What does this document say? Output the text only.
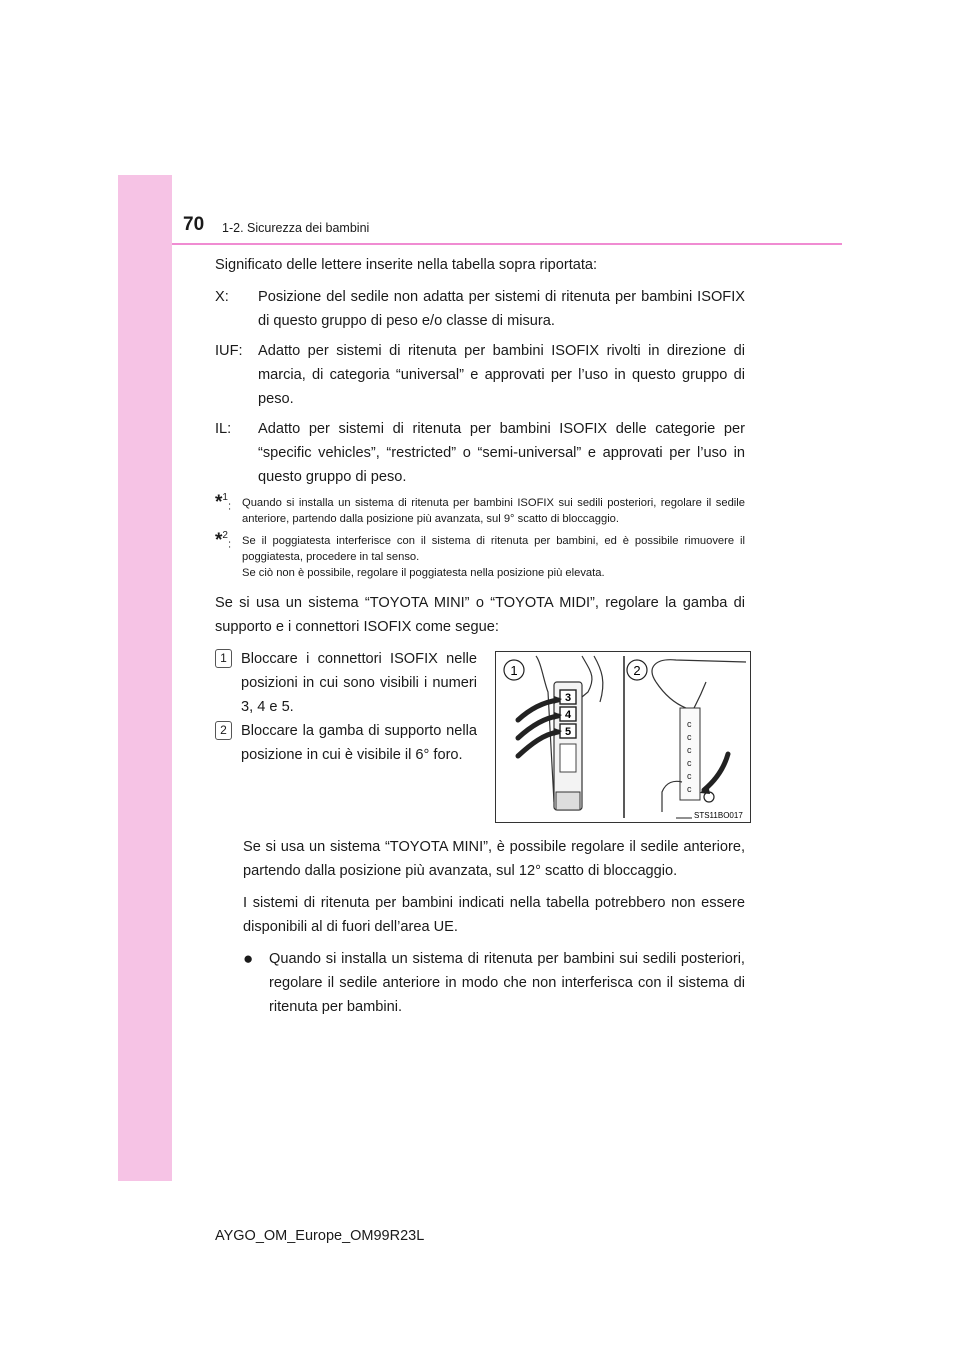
70 1-2. Sicurezza dei bambini

Significato delle lettere inserite nella tabella sopra riportata:

X:	Posizione del sedile non adatta per sistemi di ritenuta per bambini ISOFIX di questo gruppo di peso e/o classe di misura.
IUF:	Adatto per sistemi di ritenuta per bambini ISOFIX rivolti in direzione di marcia, di categoria “universal” e approvati per l’uso in questo gruppo di peso.
IL:	Adatto per sistemi di ritenuta per bambini ISOFIX delle categorie per “specific vehicles”, “restricted” o “semi-universal” e approvati per l’uso in questo gruppo di peso.
*$^1$: Quando si installa un sistema di ritenuta per bambini ISOFIX sui sedili posteriori, regolare il sedile anteriore, partendo dalla posizione più avanzata, sul 9° scatto di bloccaggio.
*$^2$: Se il poggiatesta interferisce con il sistema di ritenuta per bambini, ed è possibile rimuovere il poggiatesta, procedere in tal senso.
Se ciò non è possibile, regolare il poggiatesta nella posizione più elevata.

Se si usa un sistema “TOYOTA MINI” o “TOYOTA MIDI”, regolare la gamba di supporto e i connettori ISOFIX come segue:

1 Bloccare i connettori ISOFIX nelle posizioni in cui sono visibili i numeri 3, 4 e 5.
2 Bloccare la gamba di supporto nella posizione in cui è visibile il 6° foro.
3
4
5
1
c
c
c
c
c
c
2
STS11BO017

Se si usa un sistema “TOYOTA MINI”, è possibile regolare il sedile anteriore, partendo dalla posizione più avanzata, sul 12° scatto di bloccaggio.

I sistemi di ritenuta per bambini indicati nella tabella potrebbero non essere disponibili al di fuori dell’area UE.

●	Quando si installa un sistema di ritenuta per bambini sui sedili posteriori, regolare il sedile anteriore in modo che non interferisca con il sistema di ritenuta per bambini.
AYGO_OM_Europe_OM99R23L
